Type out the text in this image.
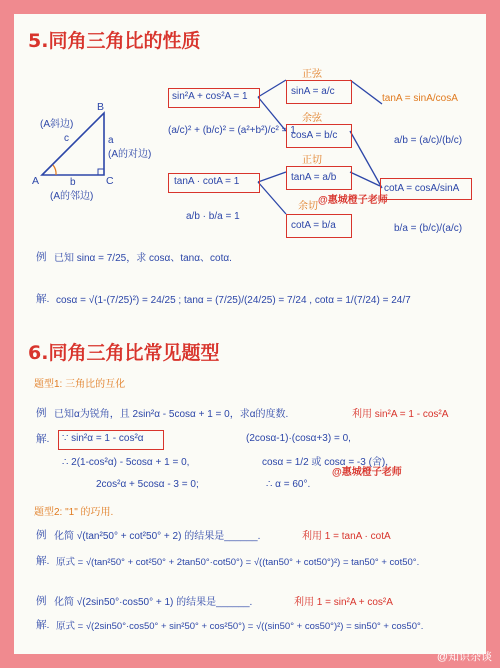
5.同角三角比的性质
B
A	C
c	a
b
(A斜边)
(A的对边)
(A的邻边)
sin²A + cos²A = 1
(a/c)² + (b/c)² = (a²+b²)/c² = 1
tanA · cotA = 1
a/b · b/a = 1
正弦
sinA = a/c
余弦
cosA = b/c
正切
tanA = a/b
余切
cotA = b/a
tanA = sinA/cosA
a/b = (a/c)/(b/c)
cotA = cosA/sinA
b/a = (b/c)/(a/c)
@惠城橙子老师
例 已知 sinα = 7/25，求 cosα、tanα、cotα.
解. cosα = √(1-(7/25)²) = 24/25 ; tanα = (7/25)/(24/25) = 7/24 , cotα = 1/(7/24) = 24/7
6.同角三角比常见题型
题型1: 三角比的互化
例 已知α为锐角，且 2sin²α - 5cosα + 1 = 0，求α的度数.	利用 sin²A = 1 - cos²A
解. ∵ sin²α = 1 - cos²α
∴ 2(1-cos²α) - 5cosα + 1 = 0,
2cos²α + 5cosα - 3 = 0;
(2cosα-1)·(cosα+3) = 0,
cosα = 1/2 或 cosα = -3 (舍),
∴ α = 60°.
@惠城橙子老师
题型2: "1" 的巧用.
例 化简 √(tan²50° + cot²50° + 2) 的结果是______.	利用 1 = tanA · cotA
解. 原式 = √(tan²50° + cot²50° + 2tan50°·cot50°) = √((tan50° + cot50°)²) = tan50° + cot50°.
例 化简 √(2sin50°·cos50° + 1) 的结果是______.	利用 1 = sin²A + cos²A
解. 原式 = √(2sin50°·cos50° + sin²50° + cos²50°) = √((sin50° + cos50°)²) = sin50° + cos50°.
@知识杂谈
